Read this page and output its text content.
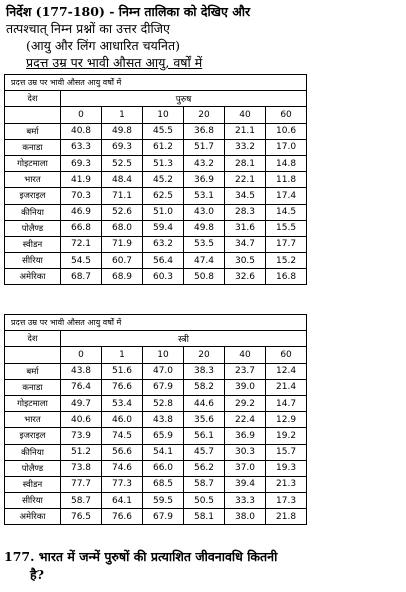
निर्देश (177-180) - निम्न तालिका को देखिए और
तत्पश्चात् निम्न प्रश्नों का उत्तर दीजिए
(आयु और लिंग आधारित चयनित)
प्रदत्त उम्र पर भावी औसत आयु, वर्षों में
प्रदत्त उम्र पर भावी औसत आयु वर्षों में						
देश	पुरुष					
	0	1	10	20	40	60
बर्मा	40.8	49.8	45.5	36.8	21.1	10.6
कनाडा	63.3	69.3	61.2	51.7	33.2	17.0
गोइटमाला	69.3	52.5	51.3	43.2	28.1	14.8
भारत	41.9	48.4	45.2	36.9	22.1	11.8
इजराइल	70.3	71.1	62.5	53.1	34.5	17.4
कीनिया	46.9	52.6	51.0	43.0	28.3	14.5
पोलैण्ड	66.8	68.0	59.4	49.8	31.6	15.5
स्वीडन	72.1	71.9	63.2	53.5	34.7	17.7
सीरिया	54.5	60.7	56.4	47.4	30.5	15.2
अमेरिका	68.7	68.9	60.3	50.8	32.6	16.8
प्रदत्त उम्र पर भावी औसत आयु वर्षों में						
देश	स्त्री					
	0	1	10	20	40	60
बर्मा	43.8	51.6	47.0	38.3	23.7	12.4
कनाडा	76.4	76.6	67.9	58.2	39.0	21.4
गोइटमाला	49.7	53.4	52.8	44.6	29.2	14.7
भारत	40.6	46.0	43.8	35.6	22.4	12.9
इजराइल	73.9	74.5	65.9	56.1	36.9	19.2
कीनिया	51.2	56.6	54.1	45.7	30.3	15.7
पोलैण्ड	73.8	74.6	66.0	56.2	37.0	19.3
स्वीडन	77.7	77.3	68.5	58.7	39.4	21.3
सीरिया	58.7	64.1	59.5	50.5	33.3	17.3
अमेरिका	76.5	76.6	67.9	58.1	38.0	21.8
177. भारत में जन्में पुरुषों की प्रत्याशित जीवनावधि कितनी
है?
